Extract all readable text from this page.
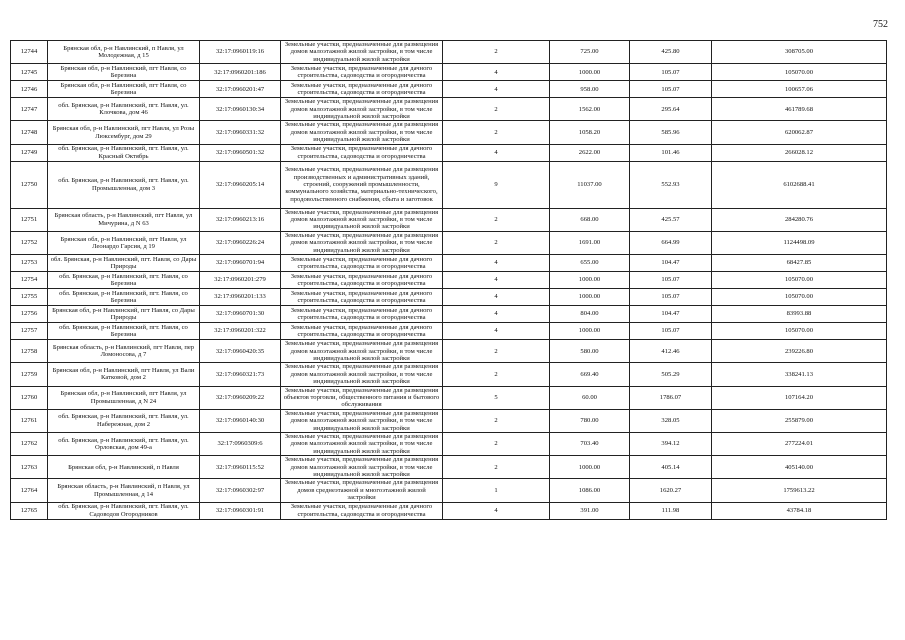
752
12744	Брянская обл, р-н Навлинский, п Навля, ул Молодежная, д 15	32:17:0960119:16	Земельные участки, предназначенные для размещения домов малоэтажной жилой застройки, в том числе индивидуальной жилой застройки	2	725.00	425.80	308705.00
12745	Брянская обл, р-н Навлинский, пгт Навля, со Березина	32:17:0960201:186	Земельные участки, предназначенные для дачного строительства, садоводства и огородничества	4	1000.00	105.07	105070.00
12746	Брянская обл, р-н Навлинский, пгт Навля, со Березина	32:17:0960201:47	Земельные участки, предназначенные для дачного строительства, садоводства и огородничества	4	958.00	105.07	100657.06
12747	обл. Брянская, р-н Навлинский, пгт. Навля, ул. Клочкова, дом 46	32:17:0960130:34	Земельные участки, предназначенные для размещения домов малоэтажной жилой застройки, в том числе индивидуальной жилой застройки	2	1562.00	295.64	461789.68
12748	Брянская обл, р-н Навлинский, пгт Навля, ул Розы Люксембург, дом 29	32:17:0960331:32	Земельные участки, предназначенные для размещения домов малоэтажной жилой застройки, в том числе индивидуальной жилой застройки	2	1058.20	585.96	620062.87
12749	обл. Брянская, р-н Навлинский, пгт. Навля, ул. Красный Октябрь	32:17:0960501:32	Земельные участки, предназначенные для дачного строительства, садоводства и огородничества	4	2622.00	101.46	266028.12
12750	обл. Брянская, р-н Навлинский, пгт. Навля, ул. Промышленная, дом 3	32:17:0960205:14	Земельные участки, предназначенные для размещения производственных и административных зданий, строений, сооружений промышленности, коммунального хозяйства, материально-технического, продовольственного снабжения, сбыта и заготовок	9	11037.00	552.93	6102688.41
12751	Брянская область, р-н Навлинский, пгт Навля, ул Мичурина, д N 63	32:17:0960213:16	Земельные участки, предназначенные для размещения домов малоэтажной жилой застройки, в том числе индивидуальной жилой застройки	2	668.00	425.57	284280.76
12752	Брянская обл, р-н Навлинский, пгт Навля, ул Леонардо Гарсия, д 19	32:17:0960226:24	Земельные участки, предназначенные для размещения домов малоэтажной жилой застройки, в том числе индивидуальной жилой застройки	2	1691.00	664.99	1124498.09
12753	обл. Брянская, р-н Навлинский, пгт. Навля, со Дары Природы	32:17:0960701:94	Земельные участки, предназначенные для дачного строительства, садоводства и огородничества	4	655.00	104.47	68427.85
12754	обл. Брянская, р-н Навлинский, пгт. Навля, со Березина	32:17:0960201:279	Земельные участки, предназначенные для дачного строительства, садоводства и огородничества	4	1000.00	105.07	105070.00
12755	обл. Брянская, р-н Навлинский, пгт. Навля, со Березина	32:17:0960201:133	Земельные участки, предназначенные для дачного строительства, садоводства и огородничества	4	1000.00	105.07	105070.00
12756	Брянская обл, р-н Навлинский, пгт Навля, со Дары Природы	32:17:0960701:30	Земельные участки, предназначенные для дачного строительства, садоводства и огородничества	4	804.00	104.47	83993.88
12757	обл. Брянская, р-н Навлинский, пгт. Навля, со Березина	32:17:0960201:322	Земельные участки, предназначенные для дачного строительства, садоводства и огородничества	4	1000.00	105.07	105070.00
12758	Брянская область, р-н Навлинский, пгт Навля, пер Ломоносова, д 7	32:17:0960420:35	Земельные участки, предназначенные для размещения домов малоэтажной жилой застройки, в том числе индивидуальной жилой застройки	2	580.00	412.46	239226.80
12759	Брянская обл, р-н Навлинский, пгт Навля, ул Вали Катковой, дом 2	32:17:0960321:73	Земельные участки, предназначенные для размещения домов малоэтажной жилой застройки, в том числе индивидуальной жилой застройки	2	669.40	505.29	338241.13
12760	Брянская обл, р-н Навлинский, пгт Навля, ул Промышленная, д N 24	32:17:0960209:22	Земельные участки, предназначенные для размещения объектов торговли, общественного питания и бытового обслуживания	5	60.00	1786.07	107164.20
12761	обл. Брянская, р-н Навлинский, пгт. Навля, ул. Набережная, дом 2	32:17:0960140:30	Земельные участки, предназначенные для размещения домов малоэтажной жилой застройки, в том числе индивидуальной жилой застройки	2	780.00	328.05	255879.00
12762	обл. Брянская, р-н Навлинский, пгт. Навля, ул. Орловская, дом 49-а	32:17:0960309:6	Земельные участки, предназначенные для размещения домов малоэтажной жилой застройки, в том числе индивидуальной жилой застройки	2	703.40	394.12	277224.01
12763	Брянская обл, р-н Навлинский, п Навля	32:17:0960115:52	Земельные участки, предназначенные для размещения домов малоэтажной жилой застройки, в том числе индивидуальной жилой застройки	2	1000.00	405.14	405140.00
12764	Брянская область, р-н Навлинский, п Навля, ул Промышленная, д 14	32:17:0960302:97	Земельные участки, предназначенные для размещения домов среднеэтажной и многоэтажной жилой застройки	1	1086.00	1620.27	1759613.22
12765	обл. Брянская, р-н Навлинский, пгт. Навля, ул. Садоводов Огородников	32:17:0960301:91	Земельные участки, предназначенные для дачного строительства, садоводства и огородничества	4	391.00	111.98	43784.18
